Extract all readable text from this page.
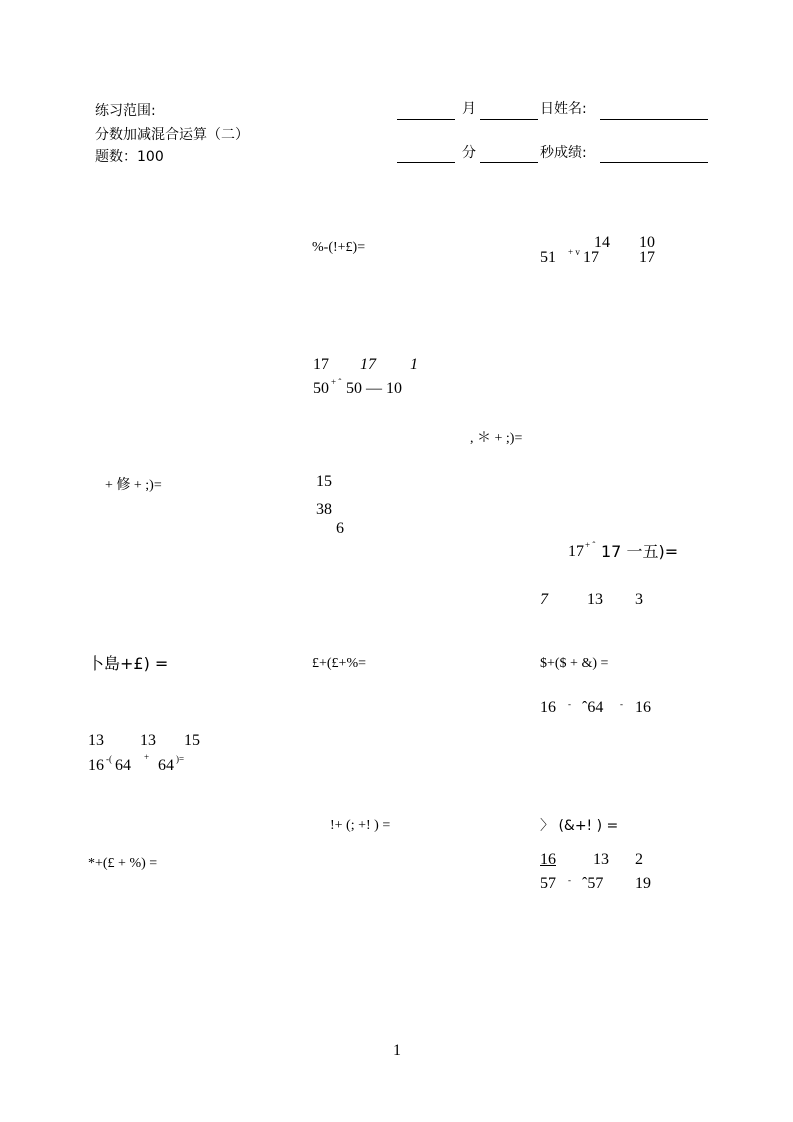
练习范围:
分数加减混合运算（二）
题数：100
月	日姓名:
分	秒成绩:
%-(!+£)=	14 10
51 + v 17	17
17 17 1
50 + ˆ 50 — 10
, ＊ + ;)=
+ 修 + ;)=	15
38
6
17 + ˆ 17 一五)=
7 13 3
卜島+£) =	£+(£+%=	$+($ + &) =
16 - ˆ64 - 16
13 13 15
16 -( 64 + 64 )=
!+ (; +! ) =	〉 (&+! ) =
*+(£ + %) =	16 13 2
57 - ˆ57 19
1
